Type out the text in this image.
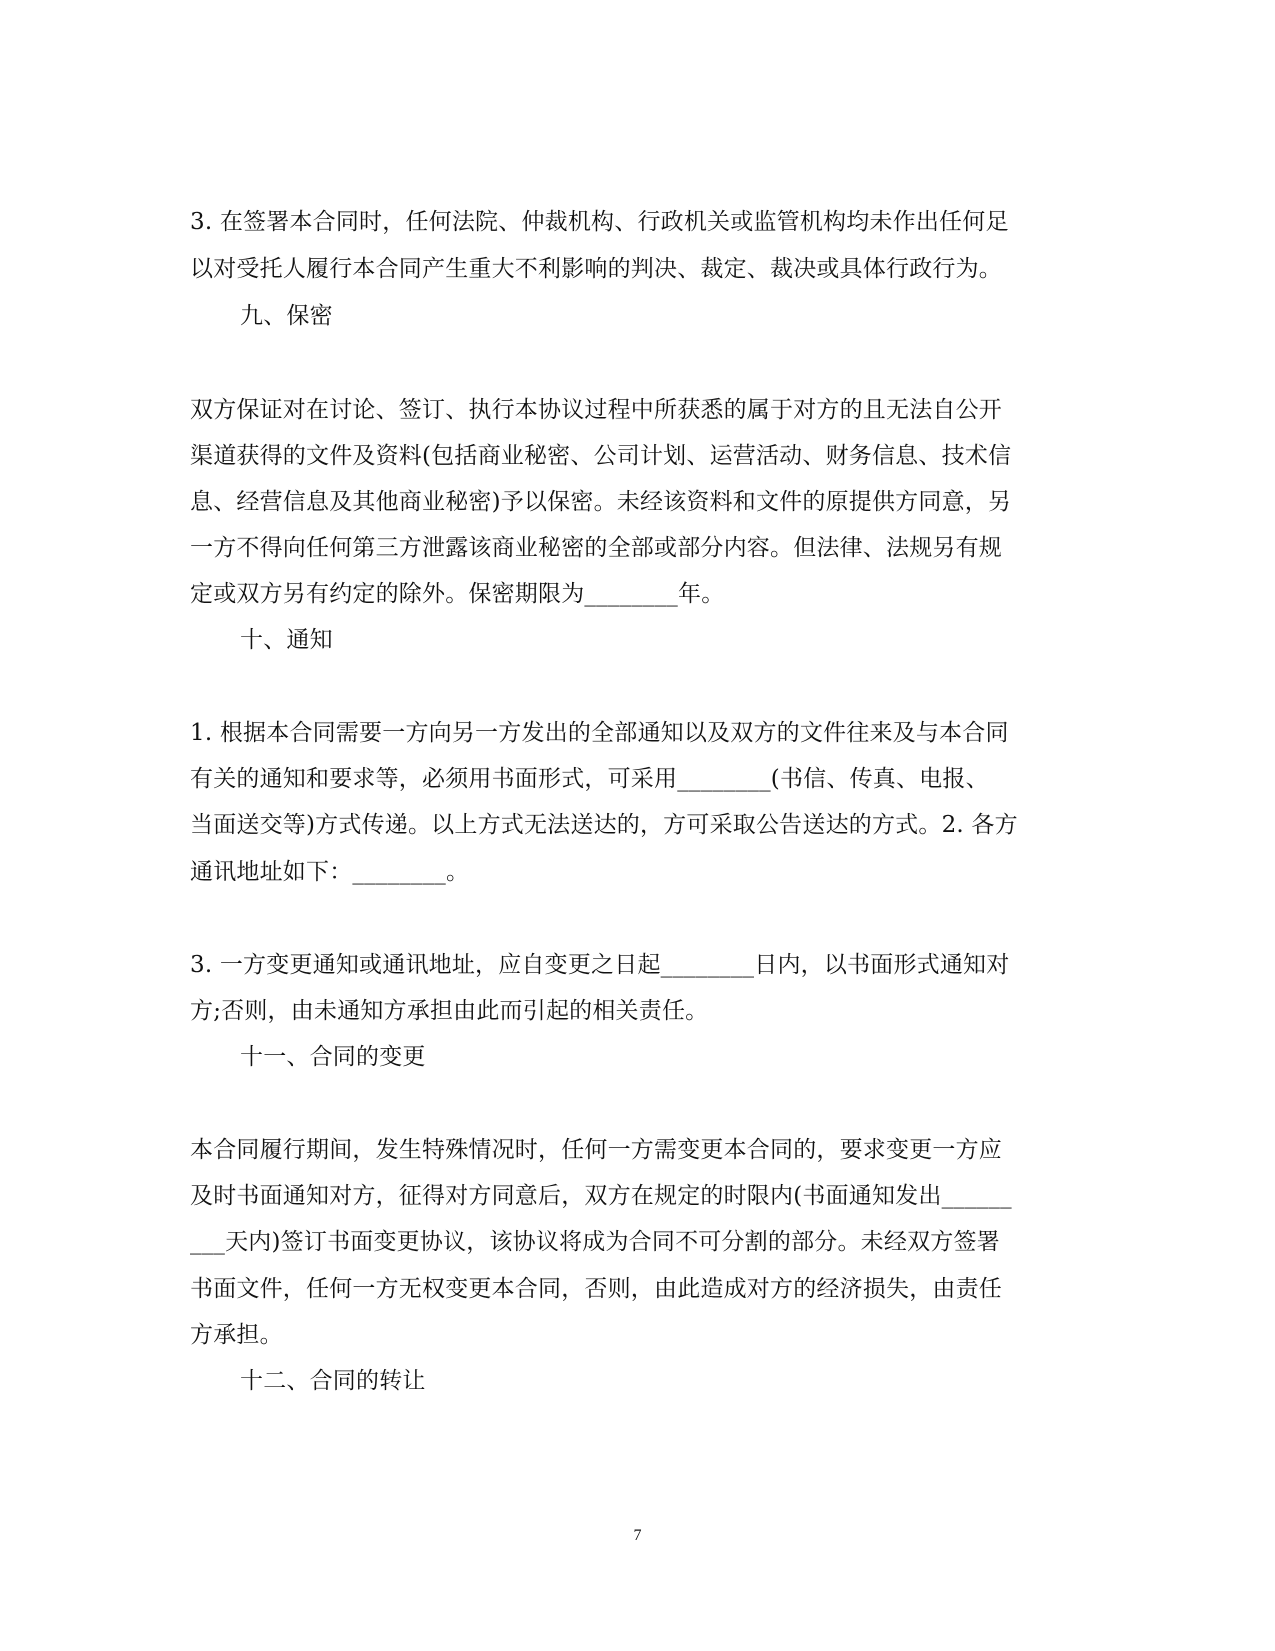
3. 在签署本合同时，任何法院、仲裁机构、行政机关或监管机构均未作出任何足
以对受托人履行本合同产生重大不利影响的判决、裁定、裁决或具体行政行为。
九、保密
双方保证对在讨论、签订、执行本协议过程中所获悉的属于对方的且无法自公开
渠道获得的文件及资料(包括商业秘密、公司计划、运营活动、财务信息、技术信
息、经营信息及其他商业秘密)予以保密。未经该资料和文件的原提供方同意，另
一方不得向任何第三方泄露该商业秘密的全部或部分内容。但法律、法规另有规
定或双方另有约定的除外。保密期限为________年。
十、通知
1. 根据本合同需要一方向另一方发出的全部通知以及双方的文件往来及与本合同
有关的通知和要求等，必须用书面形式，可采用________(书信、传真、电报、
当面送交等)方式传递。以上方式无法送达的，方可采取公告送达的方式。2. 各方
通讯地址如下：________。
3. 一方变更通知或通讯地址，应自变更之日起________日内，以书面形式通知对
方;否则，由未通知方承担由此而引起的相关责任。
十一、合同的变更
本合同履行期间，发生特殊情况时，任何一方需变更本合同的，要求变更一方应
及时书面通知对方，征得对方同意后，双方在规定的时限内(书面通知发出______
___天内)签订书面变更协议，该协议将成为合同不可分割的部分。未经双方签署
书面文件，任何一方无权变更本合同，否则，由此造成对方的经济损失，由责任
方承担。
十二、合同的转让
7
